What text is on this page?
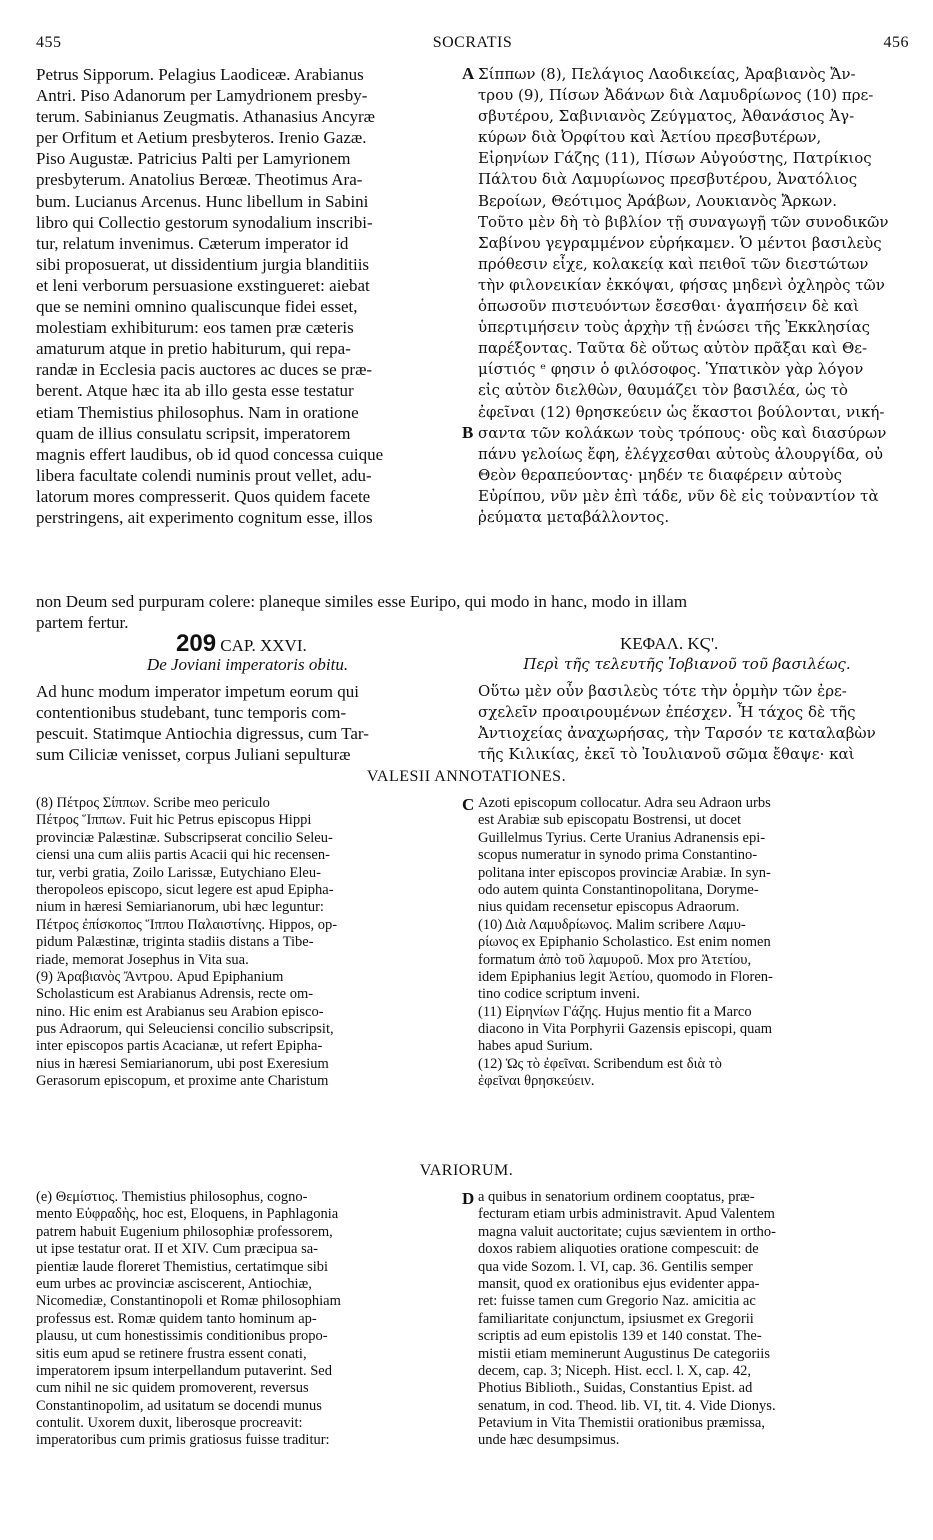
455	SOCRATIS	456
Petrus Sipporum. Pelagius Laodiceæ. Arabianus
Antri. Piso Adanorum per Lamydrionem presby-
terum. Sabinianus Zeugmatis. Athanasius Ancyræ
per Orfitum et Aetium presbyteros. Irenio Gazæ.
Piso Augustæ. Patricius Palti per Lamyrionem
presbyterum. Anatolius Berœæ. Theotimus Ara-
bum. Lucianus Arcenus. Hunc libellum in Sabini
libro qui Collectio gestorum synodalium inscribi-
tur, relatum invenimus. Cæterum imperator id
sibi proposuerat, ut dissidentium jurgia blanditiis
et leni verborum persuasione exstingueret: aiebat
que se nemini omnino qualiscunque fidei esset,
molestiam exhibiturum: eos tamen præ cæteris
amaturum atque in pretio habiturum, qui repa-
randæ in Ecclesia pacis auctores ac duces se præ-
berent. Atque hæc ita ab illo gesta esse testatur
etiam Themistius philosophus. Nam in oratione
quam de illius consulatu scripsit, imperatorem
magnis effert laudibus, ob id quod concessa cuique
libera facultate colendi numinis prout vellet, adu-
latorum mores compresserit. Quos quidem facete
perstringens, ait experimento cognitum esse, illos
Σίππων (8), Πελάγιος Λαοδικείας, Ἀραβιανὸς Ἄν-
τρου (9), Πίσων Ἀδάνων διὰ Λαμυδρίωνος (10) πρε-
σβυτέρου, Σαβινιανὸς Ζεύγματος, Ἀθανάσιος Ἀγ-
κύρων διὰ Ὀρφίτου καὶ Ἀετίου πρεσβυτέρων,
Εἰρηνίων Γάζης (11), Πίσων Αὐγούστης, Πατρίκιος
Πάλτου διὰ Λαμυρίωνος πρεσβυτέρου, Ἀνατόλιος
Βεροίων, Θεότιμος Ἀράβων, Λουκιανὸς Ἄρκων.
Τοῦτο μὲν δὴ τὸ βιβλίον τῇ συναγωγῇ τῶν συνοδικῶν
Σαβίνου γεγραμμένον εὑρήκαμεν. Ὁ μέντοι βασιλεὺς
πρόθεσιν εἶχε, κολακείᾳ καὶ πειθοῖ τῶν διεστώτων
τὴν φιλονεικίαν ἐκκόψαι, φήσας μηδενὶ ὀχληρὸς τῶν
ὁπωσοῦν πιστευόντων ἔσεσθαι· ἀγαπήσειν δὲ καὶ
ὑπερτιμήσειν τοὺς ἀρχὴν τῇ ἑνώσει τῆς Ἐκκλησίας
παρέξοντας. Ταῦτα δὲ οὕτως αὐτὸν πρᾶξαι καὶ Θε-
μίστιός ᵉ φησιν ὁ φιλόσοφος. Ὑπατικὸν γὰρ λόγον
εἰς αὐτὸν διελθὼν, θαυμάζει τὸν βασιλέα, ὡς τὸ
ἐφεῖναι (12) θρησκεύειν ὡς ἕκαστοι βούλονται, νική-
σαντα τῶν κολάκων τοὺς τρόπους· οὓς καὶ διασύρων
πάνυ γελοίως ἔφη, ἐλέγχεσθαι αὐτοὺς ἁλουργίδα, οὐ
Θεὸν θεραπεύοντας· μηδέν τε διαφέρειν αὐτοὺς
Εὐρίπου, νῦν μὲν ἐπὶ τάδε, νῦν δὲ εἰς τοὐναντίον τὰ
ῥεύματα μεταβάλλοντος.
A
B
non Deum sed purpuram colere: planeque similes esse Euripo, qui modo in hanc, modo in illam
partem fertur.
209 CAP. XXVI.	ΚΕΦΑΛ. ΚϚ'.
De Joviani imperatoris obitu.	Περὶ τῆς τελευτῆς Ἰοβιανοῦ τοῦ βασιλέως.
Ad hunc modum imperator impetum eorum qui
contentionibus studebant, tunc temporis com-
pescuit. Statimque Antiochia digressus, cum Tar-
sum Ciliciæ venisset, corpus Juliani sepulturæ
Οὕτω μὲν οὖν βασιλεὺς τότε τὴν ὁρμὴν τῶν ἐρε-
σχελεῖν προαιρουμένων ἐπέσχεν. Ἦ τάχος δὲ τῆς
Ἀντιοχείας ἀναχωρήσας, τὴν Ταρσόν τε καταλαβὼν
τῆς Κιλικίας, ἐκεῖ τὸ Ἰουλιανοῦ σῶμα ἔθαψε· καὶ
VALESII ANNOTATIONES.
C
(8) Πέτρος Σίππων. Scribe meo periculo
Πέτρος Ἵππων. Fuit hic Petrus episcopus Hippi
provinciæ Palæstinæ. Subscripserat concilio Seleu-
ciensi una cum aliis partis Acacii qui hic recensen-
tur, verbi gratia, Zoilo Larissæ, Eutychiano Eleu-
theropoleos episcopo, sicut legere est apud Epipha-
nium in hæresi Semiarianorum, ubi hæc leguntur:
Πέτρος ἐπίσκοπος Ἵππου Παλαιστίνης. Hippos, op-
pidum Palæstinæ, triginta stadiis distans a Tibe-
riade, memorat Josephus in Vita sua.
(9) Ἀραβιανὸς Ἄντρου. Apud Epiphanium
Scholasticum est Arabianus Adrensis, recte om-
nino. Hic enim est Arabianus seu Arabion episco-
pus Adraorum, qui Seleuciensi concilio subscripsit,
inter episcopos partis Acacianæ, ut refert Epipha-
nius in hæresi Semiarianorum, ubi post Exeresium
Gerasorum episcopum, et proxime ante Charistum
Azoti episcopum collocatur. Adra seu Adraon urbs
est Arabiæ sub episcopatu Bostrensi, ut docet
Guillelmus Tyrius. Certe Uranius Adranensis epi-
scopus numeratur in synodo prima Constantino-
politana inter episcopos provinciæ Arabiæ. In syn-
odo autem quinta Constantinopolitana, Doryme-
nius quidam recensetur episcopus Adraorum.
(10) Διὰ Λαμυδρίωνος. Malim scribere Λαμυ-
ρίωνος ex Epiphanio Scholastico. Est enim nomen
formatum ἀπὸ τοῦ λαμυροῦ. Mox pro Ἀτετίου,
idem Epiphanius legit Ἀετίου, quomodo in Floren-
tino codice scriptum inveni.
(11) Εἰρηνίων Γάζης. Hujus mentio fit a Marco
diacono in Vita Porphyrii Gazensis episcopi, quam
habes apud Surium.
(12) Ὡς τὸ ἐφεῖναι. Scribendum est διὰ τὸ
ἐφεῖναι θρησκεύειν.
VARIORUM.
D
(e) Θεμίστιος. Themistius philosophus, cogno-
mento Εὐφραδὴς, hoc est, Eloquens, in Paphlagonia
patrem habuit Eugenium philosophiæ professorem,
ut ipse testatur orat. II et XIV. Cum præcipua sa-
pientiæ laude floreret Themistius, certatimque sibi
eum urbes ac provinciæ asciscerent, Antiochiæ,
Nicomediæ, Constantinopoli et Romæ philosophiam
professus est. Romæ quidem tanto hominum ap-
plausu, ut cum honestissimis conditionibus propo-
sitis eum apud se retinere frustra essent conati,
imperatorem ipsum interpellandum putaverint. Sed
cum nihil ne sic quidem promoverent, reversus
Constantinopolim, ad usitatum se docendi munus
contulit. Uxorem duxit, liberosque procreavit:
imperatoribus cum primis gratiosus fuisse traditur:
a quibus in senatorium ordinem cooptatus, præ-
fecturam etiam urbis administravit. Apud Valentem
magna valuit auctoritate; cujus sævientem in ortho-
doxos rabiem aliquoties oratione compescuit: de
qua vide Sozom. l. VI, cap. 36. Gentilis semper
mansit, quod ex orationibus ejus evidenter appa-
ret: fuisse tamen cum Gregorio Naz. amicitia ac
familiaritate conjunctum, ipsiusmet ex Gregorii
scriptis ad eum epistolis 139 et 140 constat. The-
mistii etiam meminerunt Augustinus De categoriis
decem, cap. 3; Niceph. Hist. eccl. l. X, cap. 42,
Photius Biblioth., Suidas, Constantius Epist. ad
senatum, in cod. Theod. lib. VI, tit. 4. Vide Dionys.
Petavium in Vita Themistii orationibus præmissa,
unde hæc desumpsimus.
